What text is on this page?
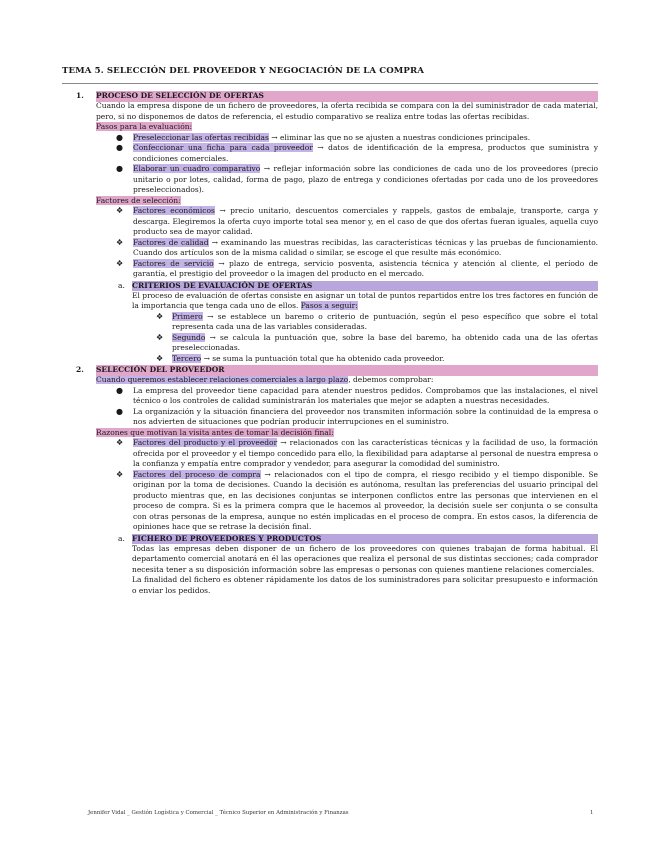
TEMA 5. SELECCIÓN DEL PROVEEDOR Y NEGOCIACIÓN DE LA COMPRA
1. PROCESO DE SELECCIÓN DE OFERTAS

Cuando la empresa dispone de un fichero de proveedores, la oferta recibida se compara con la del suministrador de cada material, pero, si no disponemos de datos de referencia, el estudio comparativo se realiza entre todas las ofertas recibidas.

Pasos para la evaluación:

● Preseleccionar las ofertas recibidas → eliminar las que no se ajusten a nuestras condiciones principales.
● Confeccionar una ficha para cada proveedor → datos de identificación de la empresa, productos que suministra y condiciones comerciales.
● Elaborar un cuadro comparativo → reflejar información sobre las condiciones de cada uno de los proveedores (precio unitario o por lotes, calidad, forma de pago, plazo de entrega y condiciones ofertadas por cada uno de los proveedores preseleccionados).

Factores de selección:

❖ Factores económicos → precio unitario, descuentos comerciales y rappels, gastos de embalaje, transporte, carga y descarga. Elegiremos la oferta cuyo importe total sea menor y, en el caso de que dos ofertas fueran iguales, aquella cuyo producto sea de mayor calidad.
❖ Factores de calidad → examinando las muestras recibidas, las características técnicas y las pruebas de funcionamiento. Cuando dos artículos son de la misma calidad o similar, se escoge el que resulte más económico.
❖ Factores de servicio → plazo de entrega, servicio posventa, asistencia técnica y atención al cliente, el período de garantía, el prestigio del proveedor o la imagen del producto en el mercado.
a. CRITERIOS DE EVALUACIÓN DE OFERTAS

El proceso de evaluación de ofertas consiste en asignar un total de puntos repartidos entre los tres factores en función de la importancia que tenga cada uno de ellos. Pasos a seguir:

❖ Primero → se establece un baremo o criterio de puntuación, según el peso específico que sobre el total representa cada una de las variables consideradas.
❖ Segundo → se calcula la puntuación que, sobre la base del baremo, ha obtenido cada una de las ofertas preseleccionadas.
❖ Tercero → se suma la puntuación total que ha obtenido cada proveedor.
2. SELECCIÓN DEL PROVEEDOR

Cuando queremos establecer relaciones comerciales a largo plazo, debemos comprobar:

● La empresa del proveedor tiene capacidad para atender nuestros pedidos. Comprobamos que las instalaciones, el nivel técnico o los controles de calidad suministrarán los materiales que mejor se adapten a nuestras necesidades.
● La organización y la situación financiera del proveedor nos transmiten información sobre la continuidad de la empresa o nos advierten de situaciones que podrían producir interrupciones en el suministro.

Razones que motivan la visita antes de tomar la decisión final:

❖ Factores del producto y el proveedor → relacionados con las características técnicas y la facilidad de uso, la formación ofrecida por el proveedor y el tiempo concedido para ello, la flexibilidad para adaptarse al personal de nuestra empresa o la confianza y empatía entre comprador y vendedor, para asegurar la comodidad del suministro.
❖ Factores del proceso de compra → relacionados con el tipo de compra, el riesgo recibido y el tiempo disponible. Se originan por la toma de decisiones. Cuando la decisión es autónoma, resultan las preferencias del usuario principal del producto mientras que, en las decisiones conjuntas se interponen conflictos entre las personas que intervienen en el proceso de compra. Si es la primera compra que le hacemos al proveedor, la decisión suele ser conjunta o se consulta con otras personas de la empresa, aunque no estén implicadas en el proceso de compra. En estos casos, la diferencia de opiniones hace que se retrase la decisión final.
a. FICHERO DE PROVEEDORES Y PRODUCTOS

Todas las empresas deben disponer de un fichero de los proveedores con quienes trabajan de forma habitual. El departamento comercial anotará en él las operaciones que realiza el personal de sus distintas secciones; cada comprador necesita tener a su disposición información sobre las empresas o personas con quienes mantiene relaciones comerciales.

La finalidad del fichero es obtener rápidamente los datos de los suministradores para solicitar presupuesto e información o enviar los pedidos.

Jennifer Vidal _ Gestión Logística y Comercial _ Técnico Superior en Administración y Finanzas	1
